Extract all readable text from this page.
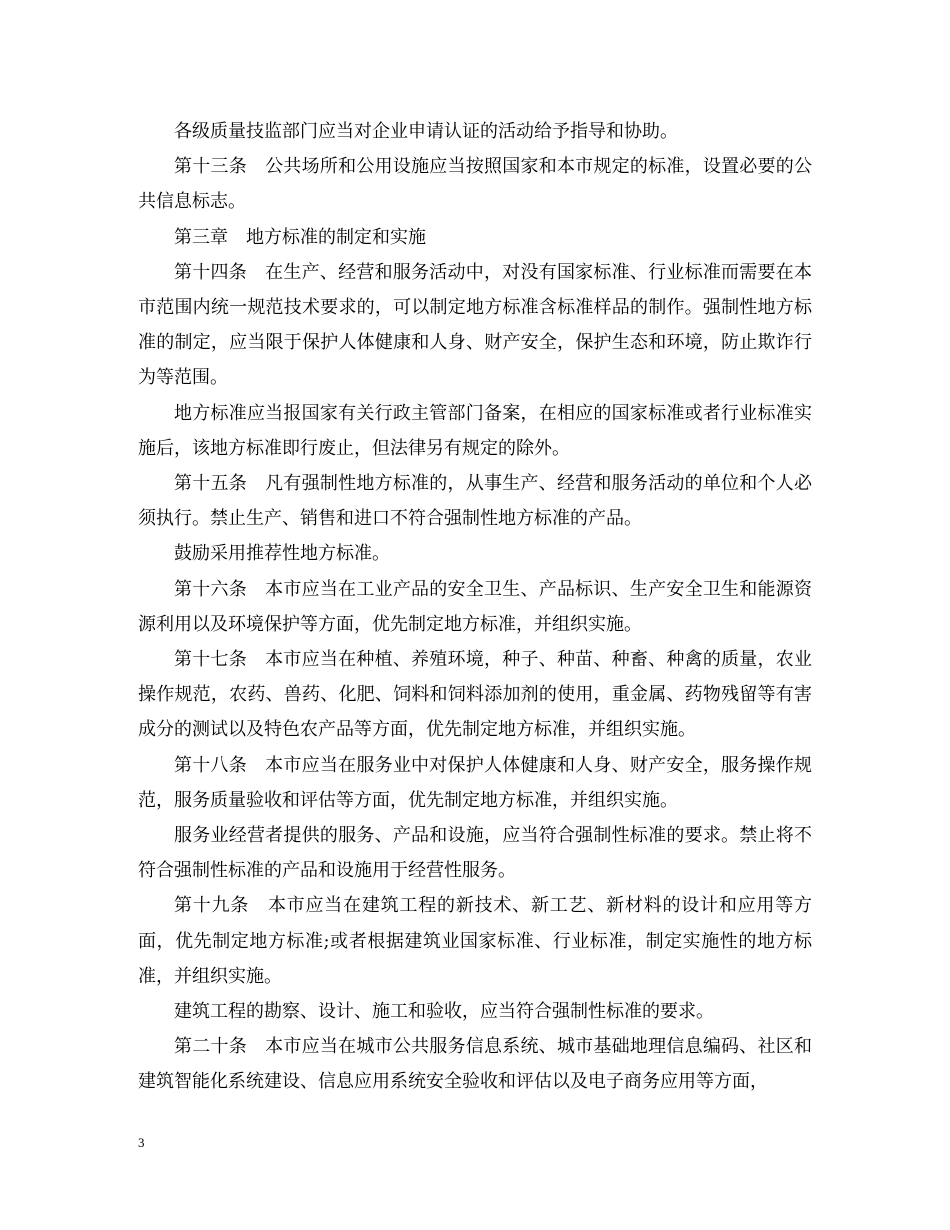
各级质量技监部门应当对企业申请认证的活动给予指导和协助。

第十三条　公共场所和公用设施应当按照国家和本市规定的标准，设置必要的公共信息标志。

第三章　地方标准的制定和实施

第十四条　在生产、经营和服务活动中，对没有国家标准、行业标准而需要在本市范围内统一规范技术要求的，可以制定地方标准含标准样品的制作。强制性地方标准的制定，应当限于保护人体健康和人身、财产安全，保护生态和环境，防止欺诈行为等范围。

地方标准应当报国家有关行政主管部门备案，在相应的国家标准或者行业标准实施后，该地方标准即行废止，但法律另有规定的除外。

第十五条　凡有强制性地方标准的，从事生产、经营和服务活动的单位和个人必须执行。禁止生产、销售和进口不符合强制性地方标准的产品。

鼓励采用推荐性地方标准。

第十六条　本市应当在工业产品的安全卫生、产品标识、生产安全卫生和能源资源利用以及环境保护等方面，优先制定地方标准，并组织实施。

第十七条　本市应当在种植、养殖环境，种子、种苗、种畜、种禽的质量，农业操作规范，农药、兽药、化肥、饲料和饲料添加剂的使用，重金属、药物残留等有害成分的测试以及特色农产品等方面，优先制定地方标准，并组织实施。

第十八条　本市应当在服务业中对保护人体健康和人身、财产安全，服务操作规范，服务质量验收和评估等方面，优先制定地方标准，并组织实施。

服务业经营者提供的服务、产品和设施，应当符合强制性标准的要求。禁止将不符合强制性标准的产品和设施用于经营性服务。

第十九条　本市应当在建筑工程的新技术、新工艺、新材料的设计和应用等方面，优先制定地方标准;或者根据建筑业国家标准、行业标准，制定实施性的地方标准，并组织实施。

建筑工程的勘察、设计、施工和验收，应当符合强制性标准的要求。

第二十条　本市应当在城市公共服务信息系统、城市基础地理信息编码、社区和建筑智能化系统建设、信息应用系统安全验收和评估以及电子商务应用等方面，

3
